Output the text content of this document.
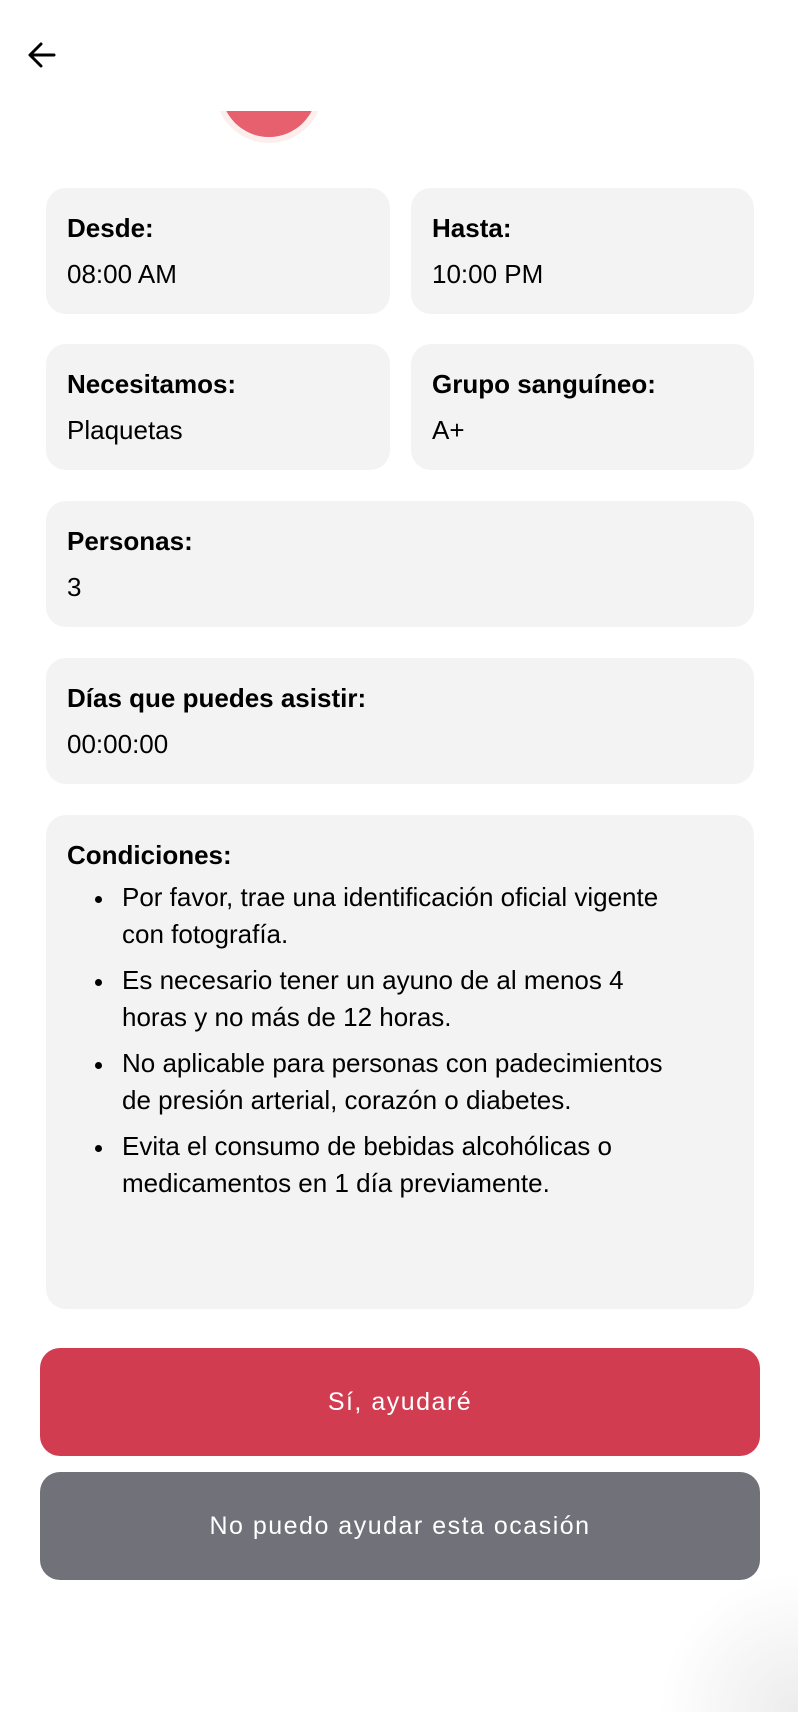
Desde:
08:00 AM
Hasta:
10:00 PM
Necesitamos:
Plaquetas
Grupo sanguíneo:
A+
Personas:
3
Días que puedes asistir:
00:00:00
Condiciones:
Por favor, trae una identificación oficial vigente con fotografía.
Es necesario tener un ayuno de al menos 4 horas y no más de 12 horas.
No aplicable para personas con padecimientos de presión arterial, corazón o diabetes.
Evita el consumo de bebidas alcohólicas o medicamentos en 1 día previamente.
Sí, ayudaré
No puedo ayudar esta ocasión
